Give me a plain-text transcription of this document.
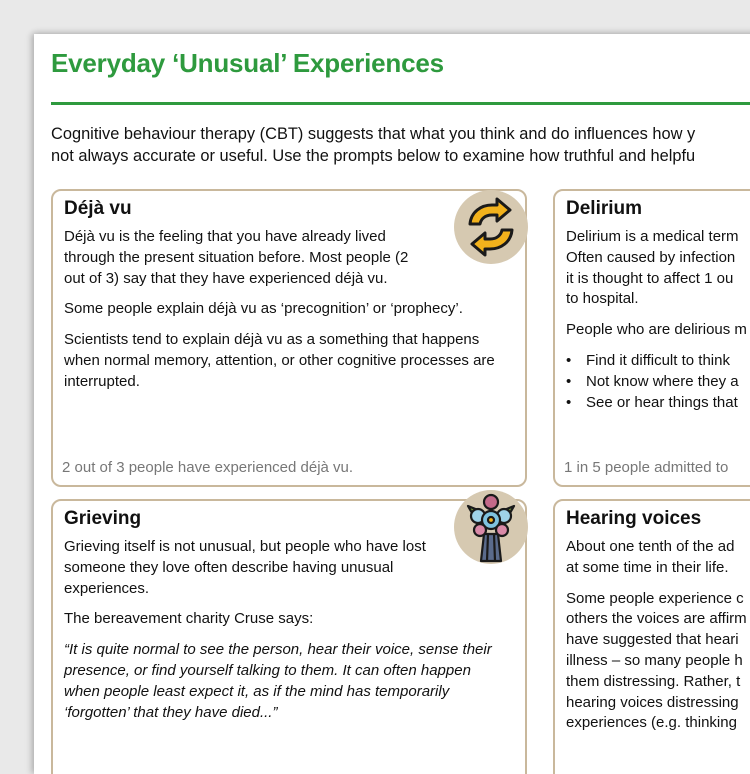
Everyday ‘Unusual’ Experiences

Cognitive behaviour therapy (CBT) suggests that what you think and do influences how y

not always accurate or useful. Use the prompts below to examine how truthful and helpfu

Déjà vu

Déjà vu is the feeling that you have already lived through the present situation before. Most people (2 out of 3) say that they have experienced déjà vu.

Some people explain déjà vu as ‘precognition’ or ‘prophecy’.

Scientists tend to explain déjà vu as a something that happens when normal memory, attention, or other cognitive processes are interrupted.

2 out of 3 people have experienced déjà vu.

Delirium

Delirium is a medical term
Often caused by infection
it is thought to affect 1 ou
to hospital.

People who are delirious m

• Find it difficult to think
• Not know where they a
• See or hear things that

1 in 5 people admitted to

Grieving

Grieving itself is not unusual, but people who have lost someone they love often describe having unusual experiences.

The bereavement charity Cruse says:

“It is quite normal to see the person, hear their voice, sense their presence, or find yourself talking to them. It can often happen when people least expect it, as if the mind has temporarily ‘forgotten’ that they have died...”

Hearing voices

About one tenth of the ad
at some time in their life.

Some people experience c
others the voices are affirm
have suggested that heari
illness – so many people h
them distressing. Rather, t
hearing voices distressing
experiences (e.g. thinking
